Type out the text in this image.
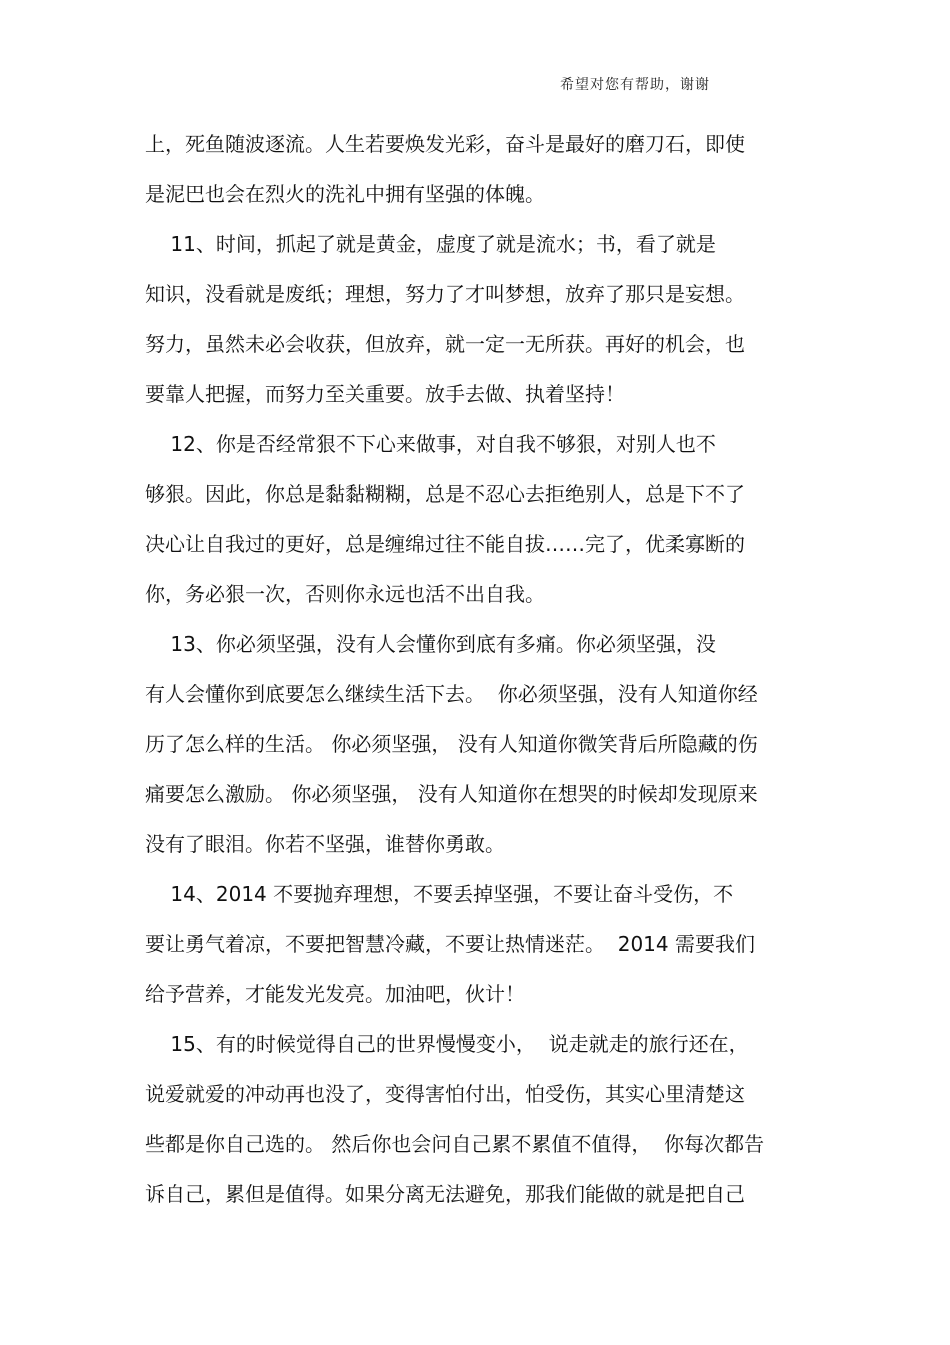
希望对您有帮助，谢谢
上，死鱼随波逐流。人生若要焕发光彩，奋斗是最好的磨刀石，即使
是泥巴也会在烈火的洗礼中拥有坚强的体魄。
11、时间，抓起了就是黄金，虚度了就是流水；书，看了就是
知识，没看就是废纸；理想，努力了才叫梦想，放弃了那只是妄想。
努力，虽然未必会收获，但放弃，就一定一无所获。再好的机会，也
要靠人把握，而努力至关重要。放手去做、执着坚持！
12、你是否经常狠不下心来做事，对自我不够狠，对别人也不
够狠。因此，你总是黏黏糊糊，总是不忍心去拒绝别人，总是下不了
决心让自我过的更好，总是缠绵过往不能自拔……完了，优柔寡断的
你，务必狠一次，否则你永远也活不出自我。
13、你必须坚强，没有人会懂你到底有多痛。你必须坚强，没
有人会懂你到底要怎么继续生活下去。  你必须坚强，没有人知道你经
历了怎么样的生活。 你必须坚强， 没有人知道你微笑背后所隐藏的伤
痛要怎么激励。 你必须坚强， 没有人知道你在想哭的时候却发现原来
没有了眼泪。你若不坚强，谁替你勇敢。
14、2014 不要抛弃理想，不要丢掉坚强，不要让奋斗受伤，不
要让勇气着凉，不要把智慧冷藏，不要让热情迷茫。  2014 需要我们
给予营养，才能发光发亮。加油吧，伙计！
15、有的时候觉得自己的世界慢慢变小，  说走就走的旅行还在，
说爱就爱的冲动再也没了，变得害怕付出，怕受伤，其实心里清楚这
些都是你自己选的。 然后你也会问自己累不累值不值得，  你每次都告
诉自己，累但是值得。如果分离无法避免，那我们能做的就是把自己
